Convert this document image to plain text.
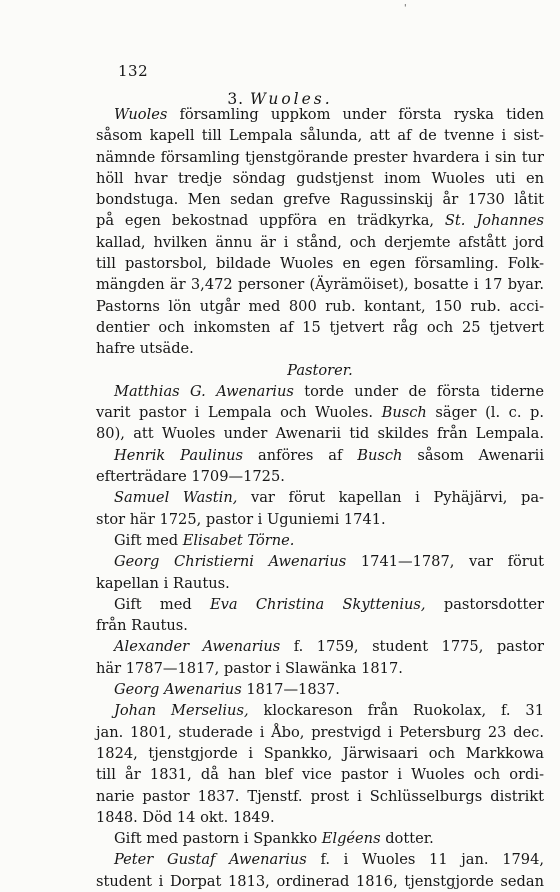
'
132
3. Wuoles.
Wuoles församling uppkom under första ryska tiden
såsom kapell till Lempala sålunda, att af de tvenne i sist-
nämnde församling tjenstgörande prester hvardera i sin tur
höll hvar tredje söndag gudstjenst inom Wuoles uti en
bondstuga. Men sedan grefve Ragussinskij år 1730 låtit
på egen bekostnad uppföra en trädkyrka, St. Johannes
kallad, hvilken ännu är i stånd, och derjemte afstått jord
till pastorsbol, bildade Wuoles en egen församling. Folk-
mängden är 3,472 personer (Äyrämöiset), bosatte i 17 byar.
Pastorns lön utgår med 800 rub. kontant, 150 rub. acci-
dentier och inkomsten af 15 tjetvert råg och 25 tjetvert
hafre utsäde.
Pastorer.
Matthias G. Awenarius torde under de första tiderne
varit pastor i Lempala och Wuoles. Busch säger (l. c. p.
80), att Wuoles under Awenarii tid skildes från Lempala.
Henrik Paulinus anföres af Busch såsom Awenarii
efterträdare 1709—1725.
Samuel Wastin, var förut kapellan i Pyhäjärvi, pa-
stor här 1725, pastor i Uguniemi 1741.
Gift med Elisabet Törne.
Georg Christierni Awenarius 1741—1787, var förut
kapellan i Rautus.
Gift med Eva Christina Skyttenius, pastorsdotter
från Rautus.
Alexander Awenarius f. 1759, student 1775, pastor
här 1787—1817, pastor i Slawänka 1817.
Georg Awenarius 1817—1837.
Johan Merselius, klockareson från Ruokolax, f. 31
jan. 1801, studerade i Åbo, prestvigd i Petersburg 23 dec.
1824, tjenstgjorde i Spankko, Järwisaari och Markkowa
till år 1831, då han blef vice pastor i Wuoles och ordi-
narie pastor 1837. Tjenstf. prost i Schlüsselburgs distrikt
1848. Död 14 okt. 1849.
Gift med pastorn i Spankko Elgéens dotter.
Peter Gustaf Awenarius f. i Wuoles 11 jan. 1794,
student i Dorpat 1813, ordinerad 1816, tjenstgjorde sedan
